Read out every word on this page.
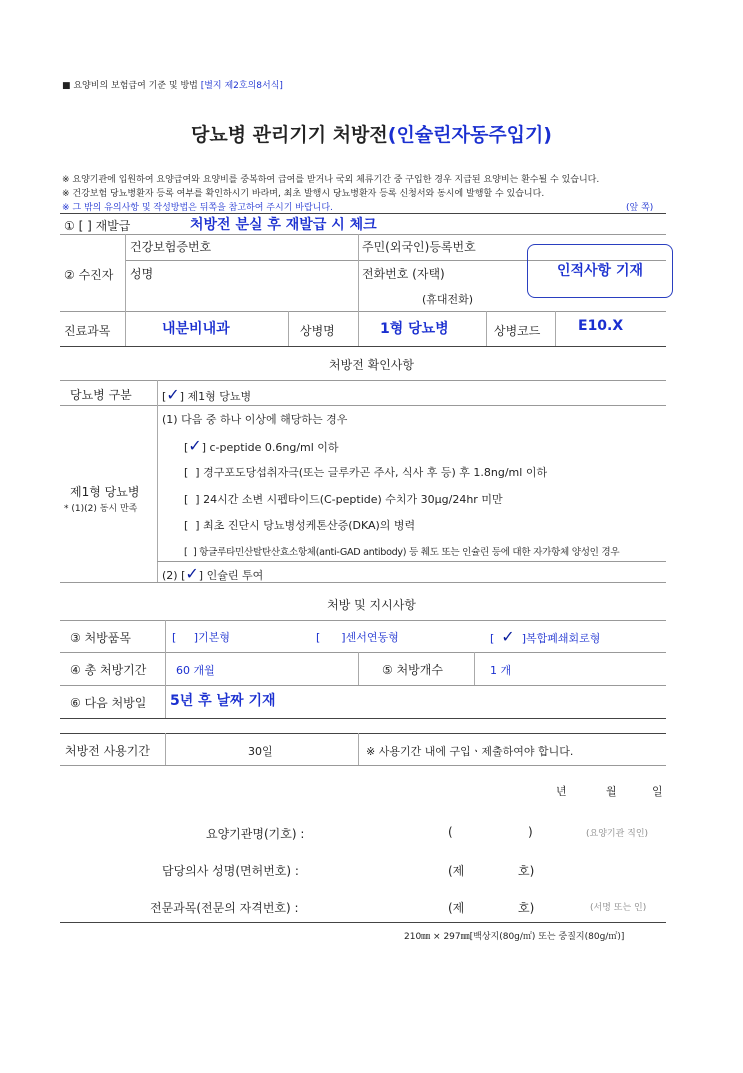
■ 요양비의 보험급여 기준 및 방법 [별지 제2호의8서식]
당뇨병 관리기기 처방전(인슐린자동주입기)
※ 요양기관에 입원하여 요양급여와 요양비를 중복하여 급여를 받거나 국외 체류기간 중 구입한 경우 지급된 요양비는 환수될 수 있습니다.
※ 건강보험 당뇨병환자 등록 여부를 확인하시기 바라며, 최초 발행시 당뇨병환자 등록 신청서와 동시에 발행할 수 있습니다.
※ 그 밖의 유의사항 및 작성방법은 뒤쪽을 참고하여 주시기 바랍니다.	(앞 쪽)
① [ ] 재발급	처방전 분실 후 재발급 시 체크
② 수진자
건강보험증번호	주민(외국인)등록번호
성명	전화번호 (자택)
(휴대전화)
인적사항 기재
진료과목	내분비내과	상병명	1형 당뇨병	상병코드	E10.X
처방전 확인사항
당뇨병 구분	[✓] 제1형 당뇨병
제1형 당뇨병
* (1)(2) 동시 만족
(1) 다음 중 하나 이상에 해당하는 경우
[✓] c-peptide 0.6ng/ml 이하
[  ] 경구포도당섭취자극(또는 글루카곤 주사, 식사 후 등) 후 1.8ng/ml 이하
[  ] 24시간 소변 시펩타이드(C-peptide) 수치가 30μg/24hr 미만
[  ] 최초 진단시 당뇨병성케톤산증(DKA)의 병력
[  ] 항글루타민산탈탄산효소항체(anti-GAD antibody) 등 췌도 또는 인슐린 등에 대한 자가항체 양성인 경우
(2) [✓] 인슐린 투여
처방 및 지시사항
③ 처방품목	[     ]기본형	[      ]센서연동형	[  ✓  ]복합폐쇄회로형
④ 총 처방기간	60 개월	⑤ 처방개수	1 개
⑥ 다음 처방일 5년 후 날짜 기재
처방전 사용기간	30일	※ 사용기간 내에 구입ㆍ제출하여야 합니다.
년	월	일
요양기관명(기호) :	(	)	(요양기관 직인)
담당의사 성명(면허번호) :	(제	호)
전문과목(전문의 자격번호) :	(제	호)	(서명 또는 인)
210㎜ × 297㎜[백상지(80g/㎡) 또는 중질지(80g/㎡)]
